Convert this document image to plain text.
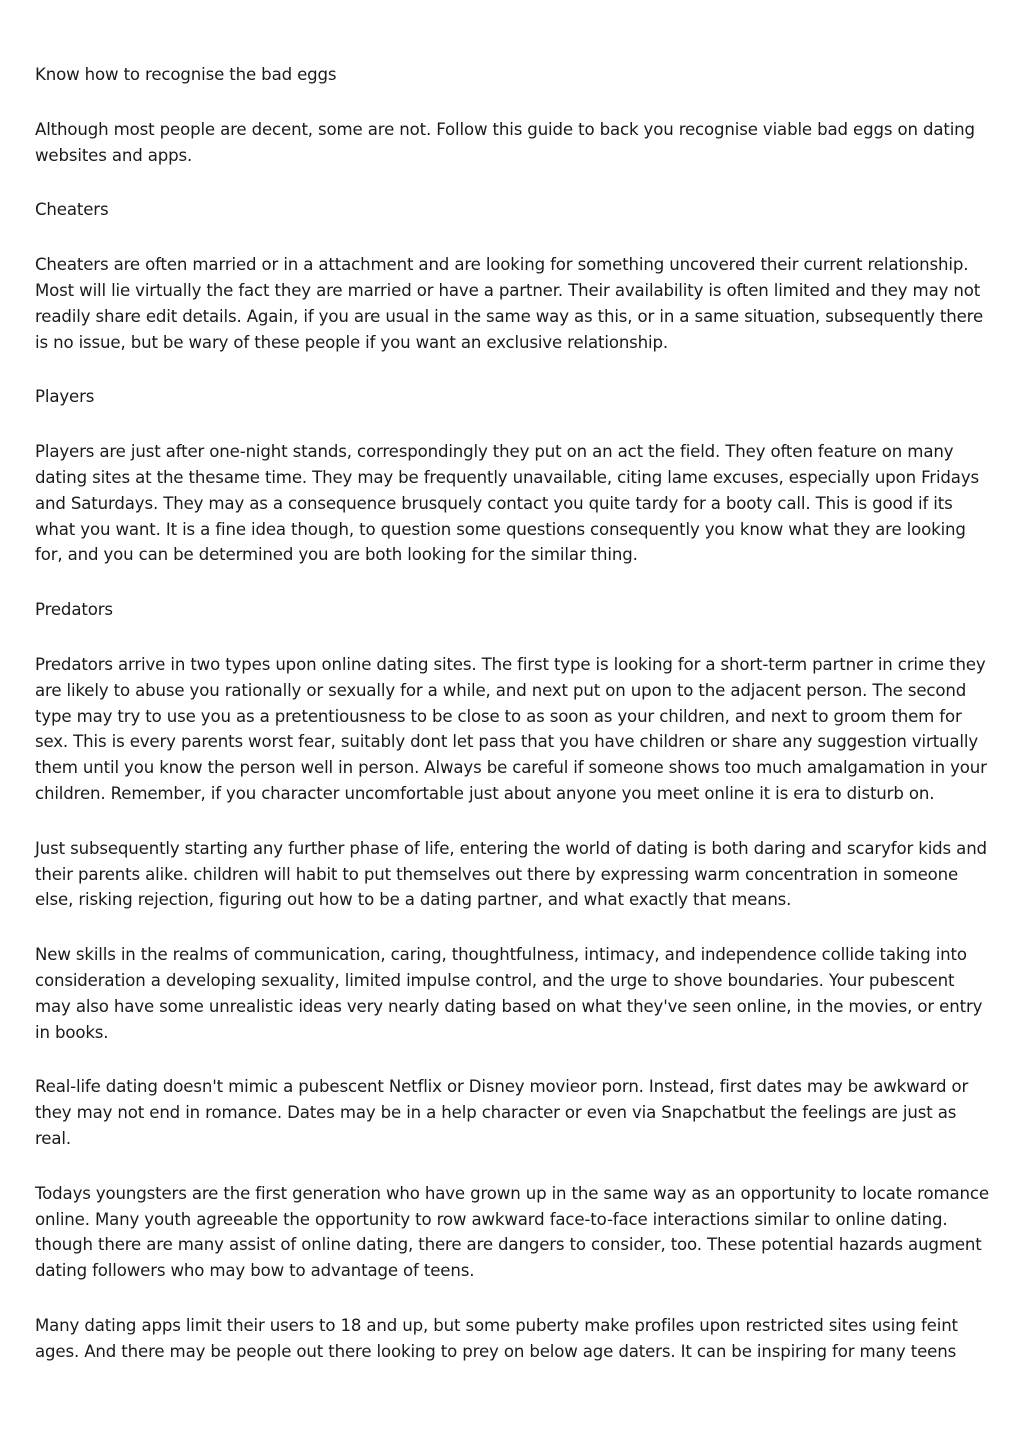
Know how to recognise the bad eggs

Although most people are decent, some are not. Follow this guide to back you recognise viable bad eggs on dating websites and apps.

Cheaters

Cheaters are often married or in a attachment and are looking for something uncovered their current relationship. Most will lie virtually the fact they are married or have a partner. Their availability is often limited and they may not readily share edit details. Again, if you are usual in the same way as this, or in a same situation, subsequently there is no issue, but be wary of these people if you want an exclusive relationship.

Players

Players are just after one-night stands, correspondingly they put on an act the field. They often feature on many dating sites at the thesame time. They may be frequently unavailable, citing lame excuses, especially upon Fridays and Saturdays. They may as a consequence brusquely contact you quite tardy for a booty call. This is good if its what you want. It is a fine idea though, to question some questions consequently you know what they are looking for, and you can be determined you are both looking for the similar thing.

Predators

Predators arrive in two types upon online dating sites. The first type is looking for a short-term partner in crime they are likely to abuse you rationally or sexually for a while, and next put on upon to the adjacent person. The second type may try to use you as a pretentiousness to be close to as soon as your children, and next to groom them for sex. This is every parents worst fear, suitably dont let pass that you have children or share any suggestion virtually them until you know the person well in person. Always be careful if someone shows too much amalgamation in your children. Remember, if you character uncomfortable just about anyone you meet online it is era to disturb on.

Just subsequently starting any further phase of life, entering the world of dating is both daring and scaryfor kids and their parents alike. children will habit to put themselves out there by expressing warm concentration in someone else, risking rejection, figuring out how to be a dating partner, and what exactly that means.

New skills in the realms of communication, caring, thoughtfulness, intimacy, and independence collide taking into consideration a developing sexuality, limited impulse control, and the urge to shove boundaries. Your pubescent may also have some unrealistic ideas very nearly dating based on what they've seen online, in the movies, or entry in books.

Real-life dating doesn't mimic a pubescent Netflix or Disney movieor porn. Instead, first dates may be awkward or they may not end in romance. Dates may be in a help character or even via Snapchatbut the feelings are just as real.

Todays youngsters are the first generation who have grown up in the same way as an opportunity to locate romance online. Many youth agreeable the opportunity to row awkward face-to-face interactions similar to online dating. though there are many assist of online dating, there are dangers to consider, too. These potential hazards augment dating followers who may bow to advantage of teens.

Many dating apps limit their users to 18 and up, but some puberty make profiles upon restricted sites using feint ages. And there may be people out there looking to prey on below age daters. It can be inspiring for many teens
